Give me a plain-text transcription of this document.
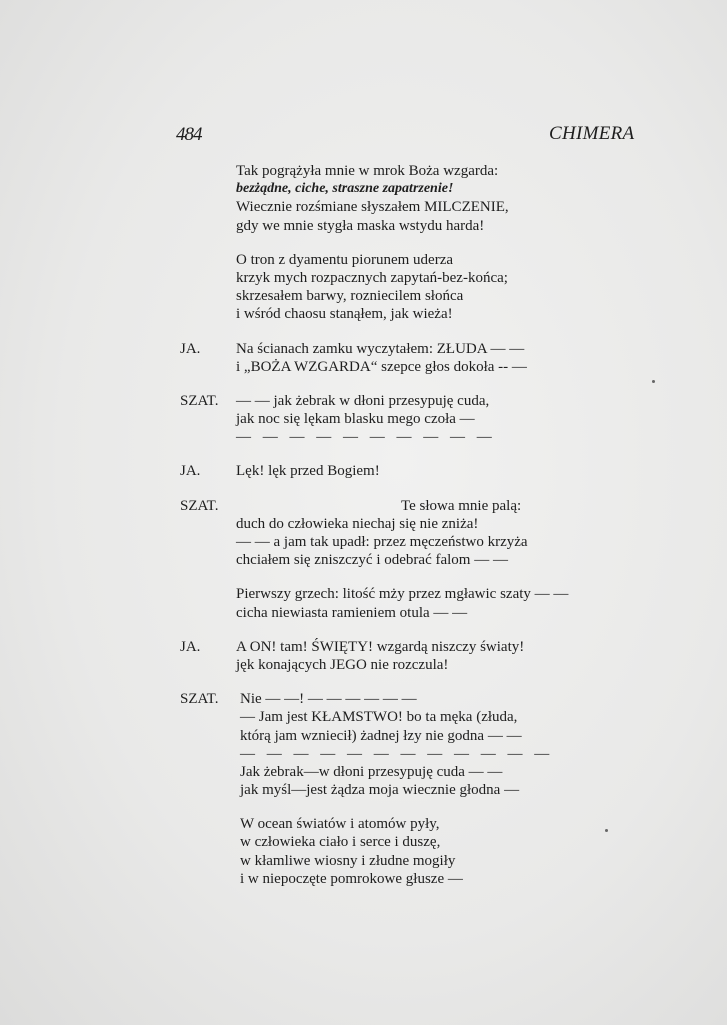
484	CHIMERA
Tak pogrążyła mnie w mrok Boża wzgarda:
bezżądne, ciche, straszne zapatrzenie!
Wiecznie rozśmiane słyszałem MILCZENIE,
gdy we mnie stygła maska wstydu harda!
O tron z dyamentu piorunem uderza
krzyk mych rozpacznych zapytań-bez-końca;
skrzesałem barwy, rozniecilem słońca
i wśród chaosu stanąłem, jak wieża!
JA.	Na ścianach zamku wyczytałem: ZŁUDA — —
i „BOŻA WZGARDA“ szepce głos dokoła -- —
SZAT.	— — jak żebrak w dłoni przesypuję cuda,
jak noc się lękam blasku mego czoła —
— — — — — — — — — —
JA.	Lęk! lęk przed Bogiem!
SZAT.	Te słowa mnie palą:
duch do człowieka niechaj się nie zniża!
— — a jam tak upadł: przez męczeństwo krzyża
chciałem się zniszczyć i odebrać falom — —
Pierwszy grzech: litość mży przez mgławic szaty — —
cicha niewiasta ramieniem otula — —
JA.	A ON! tam! ŚWIĘTY! wzgardą niszczy światy!
jęk konających JEGO nie rozczula!
SZAT.	Nie — —! — — — — — —
— Jam jest KŁAMSTWO! bo ta męka (złuda,
którą jam wzniecił) żadnej łzy nie godna — —
— — — — — — — — — — — —
Jak żebrak—w dłoni przesypuję cuda — —
jak myśl—jest żądza moja wiecznie głodna —
W ocean światów i atomów pyły,
w człowieka ciało i serce i duszę,
w kłamliwe wiosny i złudne mogiły
i w niepoczęte pomrokowe głusze —
